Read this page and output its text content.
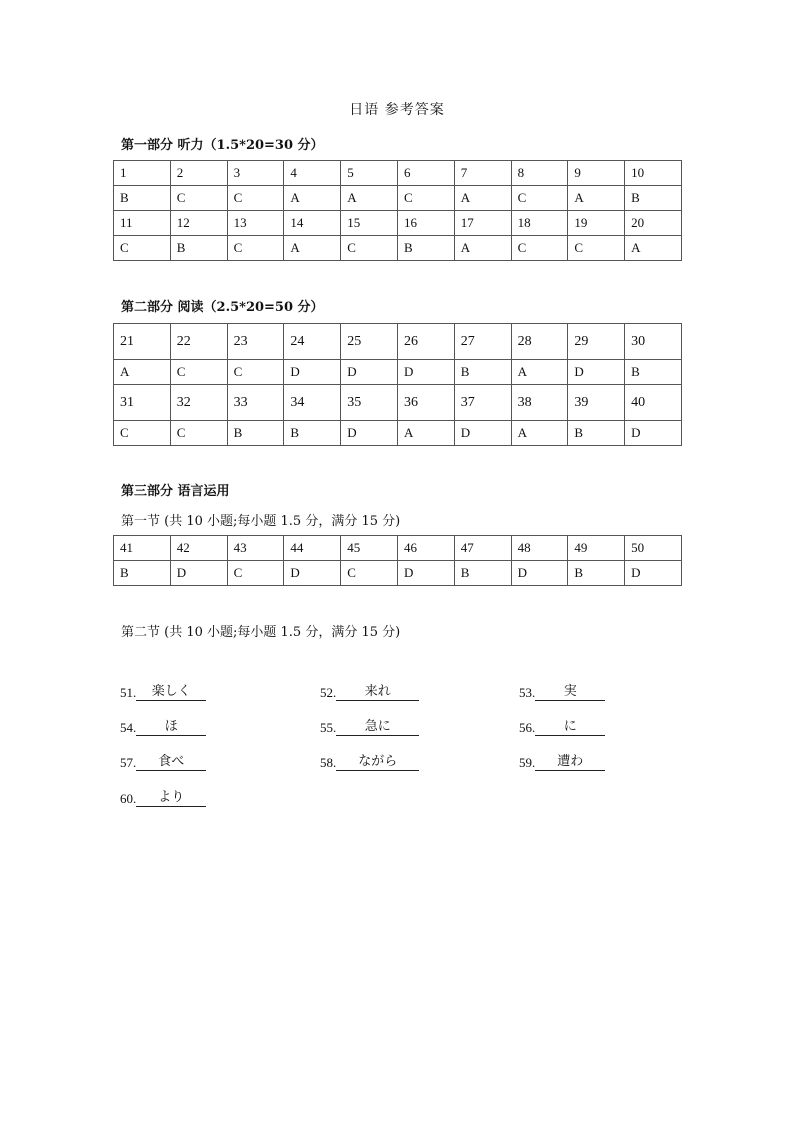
日语 参考答案
第一部分 听力（1.5*20=30 分）
1	2	3	4	5	6	7	8	9	10
B	C	C	A	A	C	A	C	A	B
11	12	13	14	15	16	17	18	19	20
C	B	C	A	C	B	A	C	C	A
第二部分 阅读（2.5*20=50 分）
21	22	23	24	25	26	27	28	29	30
A	C	C	D	D	D	B	A	D	B
31	32	33	34	35	36	37	38	39	40
C	C	B	B	D	A	D	A	B	D
第三部分 语言运用
第一节 (共 10 小题;每小题 1.5 分，满分 15 分)
41	42	43	44	45	46	47	48	49	50
B	D	C	D	C	D	B	D	B	D
第二节 (共 10 小题;每小题 1.5 分，满分 15 分)
51.	楽しく	52.	来れ	53.	実
54.	ほ	55.	急に	56.	に
57.	食べ	58.	ながら	59.	遭わ
60.	より
